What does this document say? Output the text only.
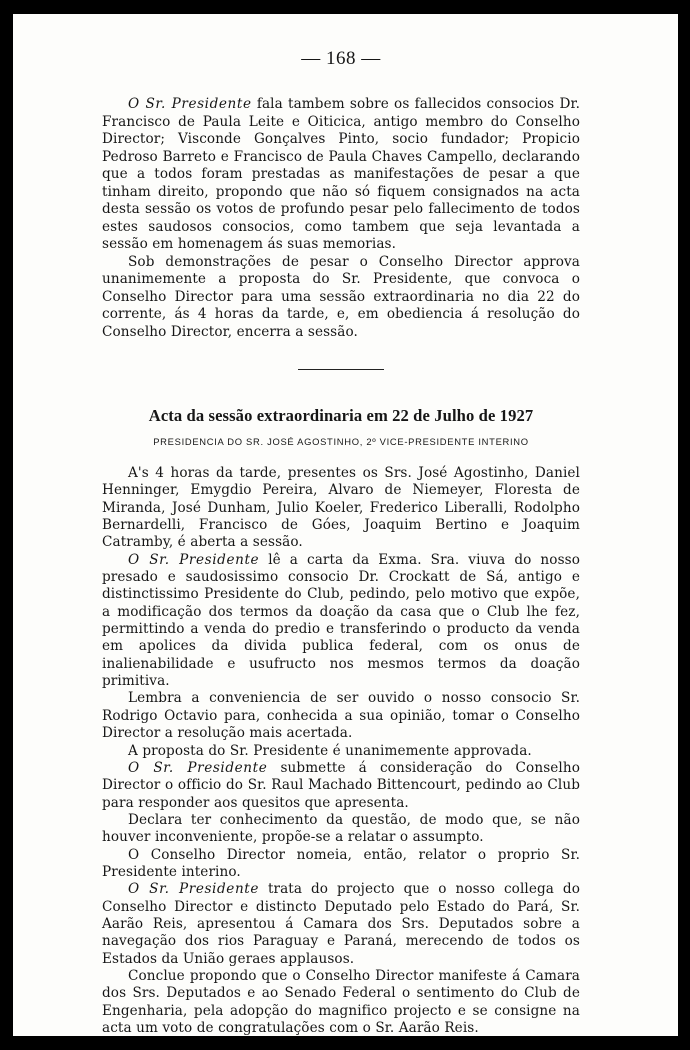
— 168 —

O Sr. Presidente fala tambem sobre os fallecidos consocios Dr. Francisco de Paula Leite e Oiticica, antigo membro do Conselho Director; Visconde Gonçalves Pinto, socio fundador; Propicio Pedroso Barreto e Francisco de Paula Chaves Campello, declarando que a todos foram prestadas as manifestações de pesar a que tinham direito, propondo que não só fiquem consignados na acta desta sessão os votos de profundo pesar pelo fallecimento de todos estes saudosos consocios, como tambem que seja levantada a sessão em homenagem ás suas memorias.

Sob demonstrações de pesar o Conselho Director approva unanimemente a proposta do Sr. Presidente, que convoca o Conselho Director para uma sessão extraordinaria no dia 22 do corrente, ás 4 horas da tarde, e, em obediencia á resolução do Conselho Director, encerra a sessão.

Acta da sessão extraordinaria em 22 de Julho de 1927
PRESIDENCIA DO SR. JOSÉ AGOSTINHO, 2º VICE-PRESIDENTE INTERINO

A's 4 horas da tarde, presentes os Srs. José Agostinho, Daniel Henninger, Emygdio Pereira, Alvaro de Niemeyer, Floresta de Miranda, José Dunham, Julio Koeler, Frederico Liberalli, Rodolpho Bernardelli, Francisco de Góes, Joaquim Bertino e Joaquim Catramby, é aberta a sessão.

O Sr. Presidente lê a carta da Exma. Sra. viuva do nosso presado e saudosissimo consocio Dr. Crockatt de Sá, antigo e distinctissimo Presidente do Club, pedindo, pelo motivo que expõe, a modificação dos termos da doação da casa que o Club lhe fez, permittindo a venda do predio e transferindo o producto da venda em apolices da divida publica federal, com os onus de inalienabilidade e usufructo nos mesmos termos da doação primitiva.

Lembra a conveniencia de ser ouvido o nosso consocio Sr. Rodrigo Octavio para, conhecida a sua opinião, tomar o Conselho Director a resolução mais acertada.

A proposta do Sr. Presidente é unanimemente approvada.

O Sr. Presidente submette á consideração do Conselho Director o officio do Sr. Raul Machado Bittencourt, pedindo ao Club para responder aos quesitos que apresenta.

Declara ter conhecimento da questão, de modo que, se não houver inconveniente, propõe-se a relatar o assumpto.

O Conselho Director nomeia, então, relator o proprio Sr. Presidente interino.

O Sr. Presidente trata do projecto que o nosso collega do Conselho Director e distincto Deputado pelo Estado do Pará, Sr. Aarão Reis, apresentou á Camara dos Srs. Deputados sobre a navegação dos rios Paraguay e Paraná, merecendo de todos os Estados da União geraes applausos.

Conclue propondo que o Conselho Director manifeste á Camara dos Srs. Deputados e ao Senado Federal o sentimento do Club de Engenharia, pela adopção do magnifico projecto e se consigne na acta um voto de congratulações com o Sr. Aarão Reis.
